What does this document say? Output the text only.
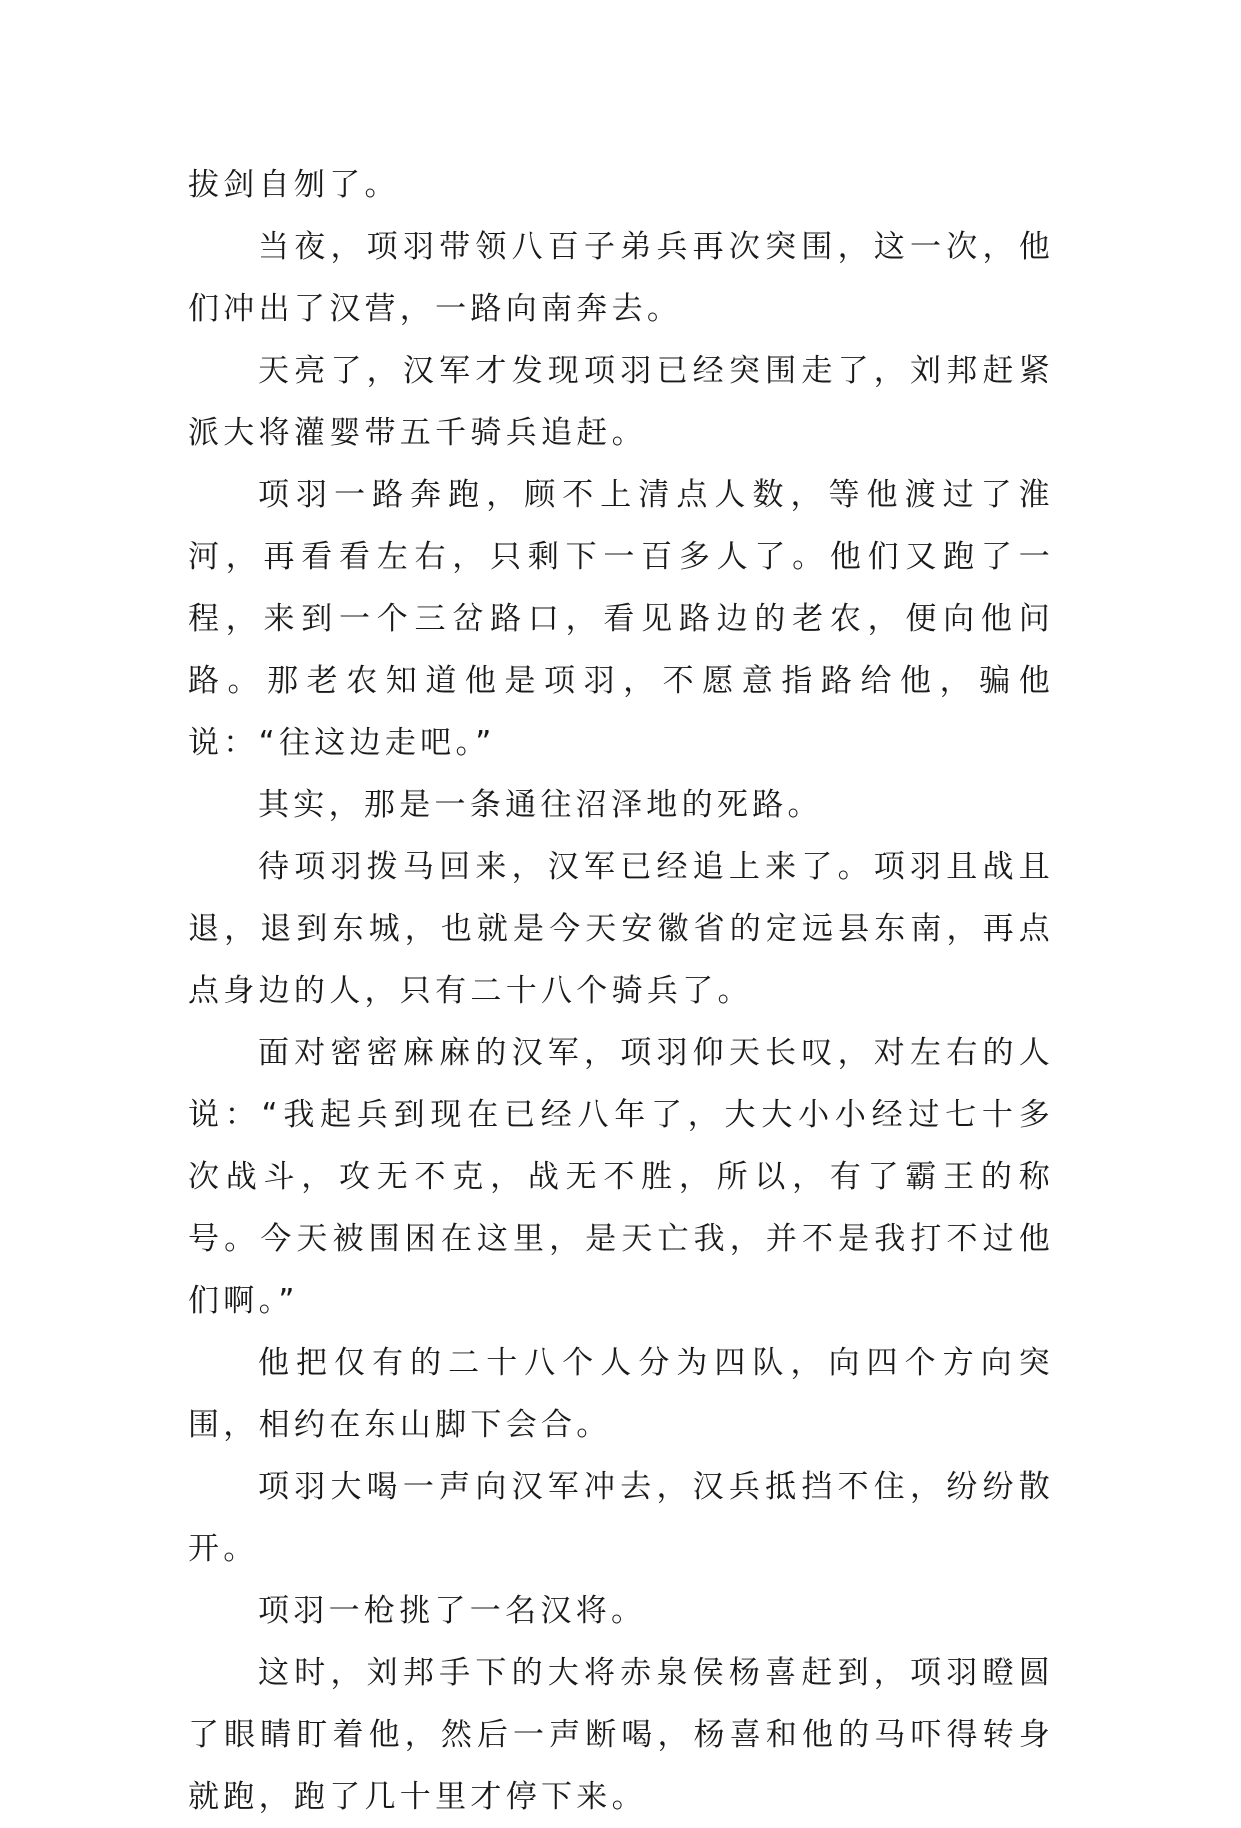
拔剑自刎了。

当夜，项羽带领八百子弟兵再次突围，这一次，他们冲出了汉营，一路向南奔去。

天亮了，汉军才发现项羽已经突围走了，刘邦赶紧派大将灌婴带五千骑兵追赶。

项羽一路奔跑，顾不上清点人数，等他渡过了淮河，再看看左右，只剩下一百多人了。他们又跑了一程，来到一个三岔路口，看见路边的老农，便向他问路。那老农知道他是项羽，不愿意指路给他，骗他说：“往这边走吧。”

其实，那是一条通往沼泽地的死路。

待项羽拨马回来，汉军已经追上来了。项羽且战且退，退到东城，也就是今天安徽省的定远县东南，再点点身边的人，只有二十八个骑兵了。

面对密密麻麻的汉军，项羽仰天长叹，对左右的人说：“我起兵到现在已经八年了，大大小小经过七十多次战斗，攻无不克，战无不胜，所以，有了霸王的称号。今天被围困在这里，是天亡我，并不是我打不过他们啊。”

他把仅有的二十八个人分为四队，向四个方向突围，相约在东山脚下会合。

项羽大喝一声向汉军冲去，汉兵抵挡不住，纷纷散开。

项羽一枪挑了一名汉将。

这时，刘邦手下的大将赤泉侯杨喜赶到，项羽瞪圆了眼睛盯着他，然后一声断喝，杨喜和他的马吓得转身就跑，跑了几十里才停下来。
